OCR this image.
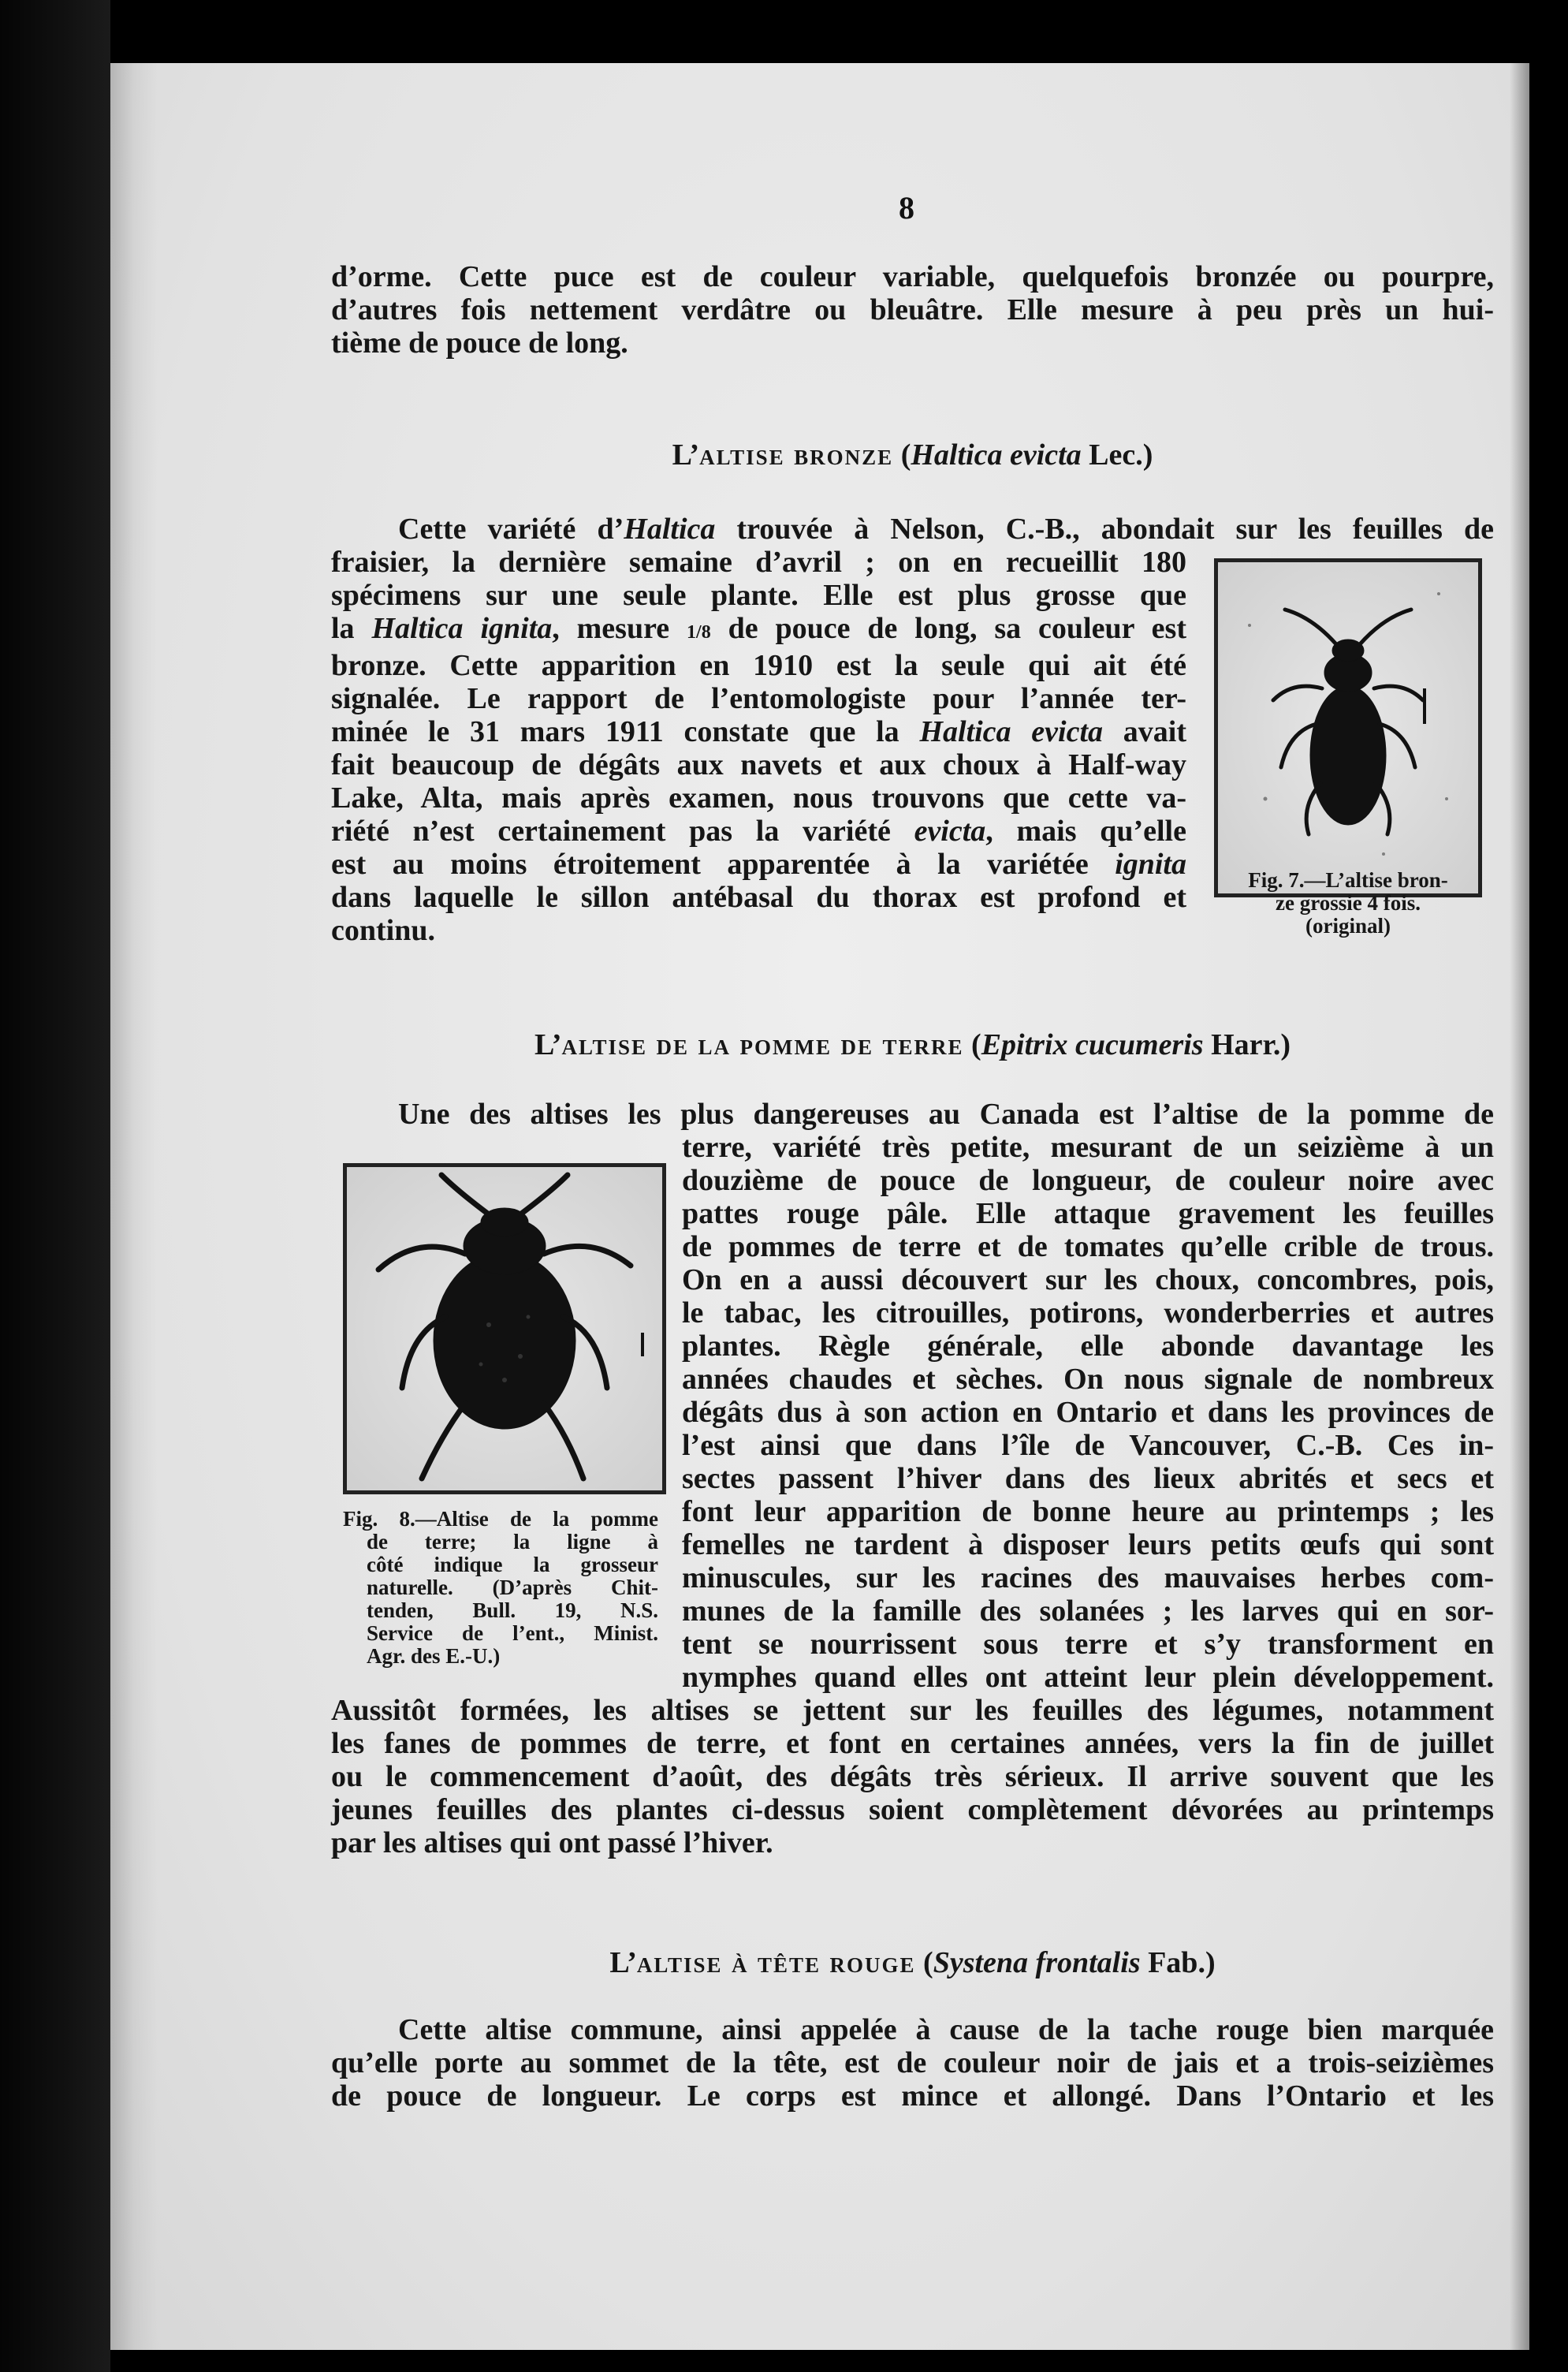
8
d’orme. Cette puce est de couleur variable, quelquefois bronzée ou pourpre,
d’autres fois nettement verdâtre ou bleuâtre. Elle mesure à peu près un hui-
tième de pouce de long.
L’altise bronze (Haltica evicta Lec.)
Cette variété d’Haltica trouvée à Nelson, C.-B., abondait sur les feuilles de
fraisier, la dernière semaine d’avril ; on en recueillit 180
spécimens sur une seule plante. Elle est plus grosse que
la Haltica ignita, mesure 1/8 de pouce de long, sa couleur est
bronze. Cette apparition en 1910 est la seule qui ait été
signalée. Le rapport de l’entomologiste pour l’année ter-
minée le 31 mars 1911 constate que la Haltica evicta avait
fait beaucoup de dégâts aux navets et aux choux à Half-way
Lake, Alta, mais après examen, nous trouvons que cette va-
riété n’est certainement pas la variété evicta, mais qu’elle
est au moins étroitement apparentée à la variétée ignita
dans laquelle le sillon antébasal du thorax est profond et
continu.
Fig. 7.—L’altise bron-
ze grossie 4 fois.
(original)
L’altise de la pomme de terre (Epitrix cucumeris Harr.)
Une des altises les plus dangereuses au Canada est l’altise de la pomme de
Fig. 8.—Altise de la pomme
de terre; la ligne à
côté indique la grosseur
naturelle. (D’après Chit-
tenden, Bull. 19, N.S.
Service de l’ent., Minist.
Agr. des E.-U.)
terre, variété très petite, mesurant de un seizième à un
douzième de pouce de longueur, de couleur noire avec
pattes rouge pâle. Elle attaque gravement les feuilles
de pommes de terre et de tomates qu’elle crible de trous.
On en a aussi découvert sur les choux, concombres, pois,
le tabac, les citrouilles, potirons, wonderberries et autres
plantes. Règle générale, elle abonde davantage les
années chaudes et sèches. On nous signale de nombreux
dégâts dus à son action en Ontario et dans les provinces de
l’est ainsi que dans l’île de Vancouver, C.-B. Ces in-
sectes passent l’hiver dans des lieux abrités et secs et
font leur apparition de bonne heure au printemps ; les
femelles ne tardent à disposer leurs petits œufs qui sont
minuscules, sur les racines des mauvaises herbes com-
munes de la famille des solanées ; les larves qui en sor-
tent se nourrissent sous terre et s’y transforment en
nymphes quand elles ont atteint leur plein développement.
Aussitôt formées, les altises se jettent sur les feuilles des légumes, notamment
les fanes de pommes de terre, et font en certaines années, vers la fin de juillet
ou le commencement d’août, des dégâts très sérieux. Il arrive souvent que les
jeunes feuilles des plantes ci-dessus soient complètement dévorées au printemps
par les altises qui ont passé l’hiver.
L’altise à tête rouge (Systena frontalis Fab.)
Cette altise commune, ainsi appelée à cause de la tache rouge bien marquée
qu’elle porte au sommet de la tête, est de couleur noir de jais et a trois-seizièmes
de pouce de longueur. Le corps est mince et allongé. Dans l’Ontario et les
